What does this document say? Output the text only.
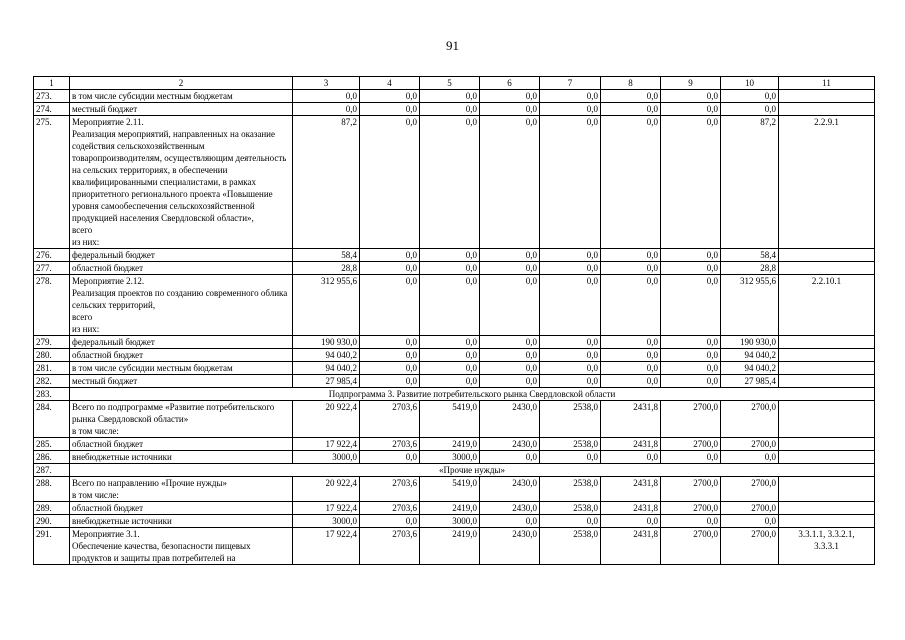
91
1	2	3	4	5	6	7	8	9	10	11
273.	в том числе субсидии местным бюджетам	0,0	0,0	0,0	0,0	0,0	0,0	0,0	0,0	
274.	местный бюджет	0,0	0,0	0,0	0,0	0,0	0,0	0,0	0,0	
275.	Мероприятие 2.11.
Реализация мероприятий, направленных на оказание содействия сельскохозяйственным товаропроизводителям, осуществляющим деятельность на сельских территориях, в обеспечении квалифицированными специалистами, в рамках приоритетного регионального проекта «Повышение уровня самообеспечения сельскохозяйственной продукцией населения Свердловской области»,
всего
из них:	87,2	0,0	0,0	0,0	0,0	0,0	0,0	87,2	2.2.9.1
276.	федеральный бюджет	58,4	0,0	0,0	0,0	0,0	0,0	0,0	58,4	
277.	областной бюджет	28,8	0,0	0,0	0,0	0,0	0,0	0,0	28,8	
278.	Мероприятие 2.12.
Реализация проектов по созданию современного облика сельских территорий,
всего
из них:	312 955,6	0,0	0,0	0,0	0,0	0,0	0,0	312 955,6	2.2.10.1
279.	федеральный бюджет	190 930,0	0,0	0,0	0,0	0,0	0,0	0,0	190 930,0	
280.	областной бюджет	94 040,2	0,0	0,0	0,0	0,0	0,0	0,0	94 040,2	
281.	в том числе субсидии местным бюджетам	94 040,2	0,0	0,0	0,0	0,0	0,0	0,0	94 040,2	
282.	местный бюджет	27 985,4	0,0	0,0	0,0	0,0	0,0	0,0	27 985,4	
283.	Подпрограмма 3. Развитие потребительского рынка Свердловской области									
284.	Всего по подпрограмме «Развитие потребительского рынка Свердловской области»
в том числе:	20 922,4	2703,6	5419,0	2430,0	2538,0	2431,8	2700,0	2700,0	
285.	областной бюджет	17 922,4	2703,6	2419,0	2430,0	2538,0	2431,8	2700,0	2700,0	
286.	внебюджетные источники	3000,0	0,0	3000,0	0,0	0,0	0,0	0,0	0,0	
287.	«Прочие нужды»									
288.	Всего по направлению «Прочие нужды»
в том числе:	20 922,4	2703,6	5419,0	2430,0	2538,0	2431,8	2700,0	2700,0	
289.	областной бюджет	17 922,4	2703,6	2419,0	2430,0	2538,0	2431,8	2700,0	2700,0	
290.	внебюджетные источники	3000,0	0,0	3000,0	0,0	0,0	0,0	0,0	0,0	
291.	Мероприятие 3.1.
Обеспечение качества, безопасности пищевых продуктов и защиты прав потребителей на	17 922,4	2703,6	2419,0	2430,0	2538,0	2431,8	2700,0	2700,0	3.3.1.1, 3.3.2.1,
3.3.3.1
